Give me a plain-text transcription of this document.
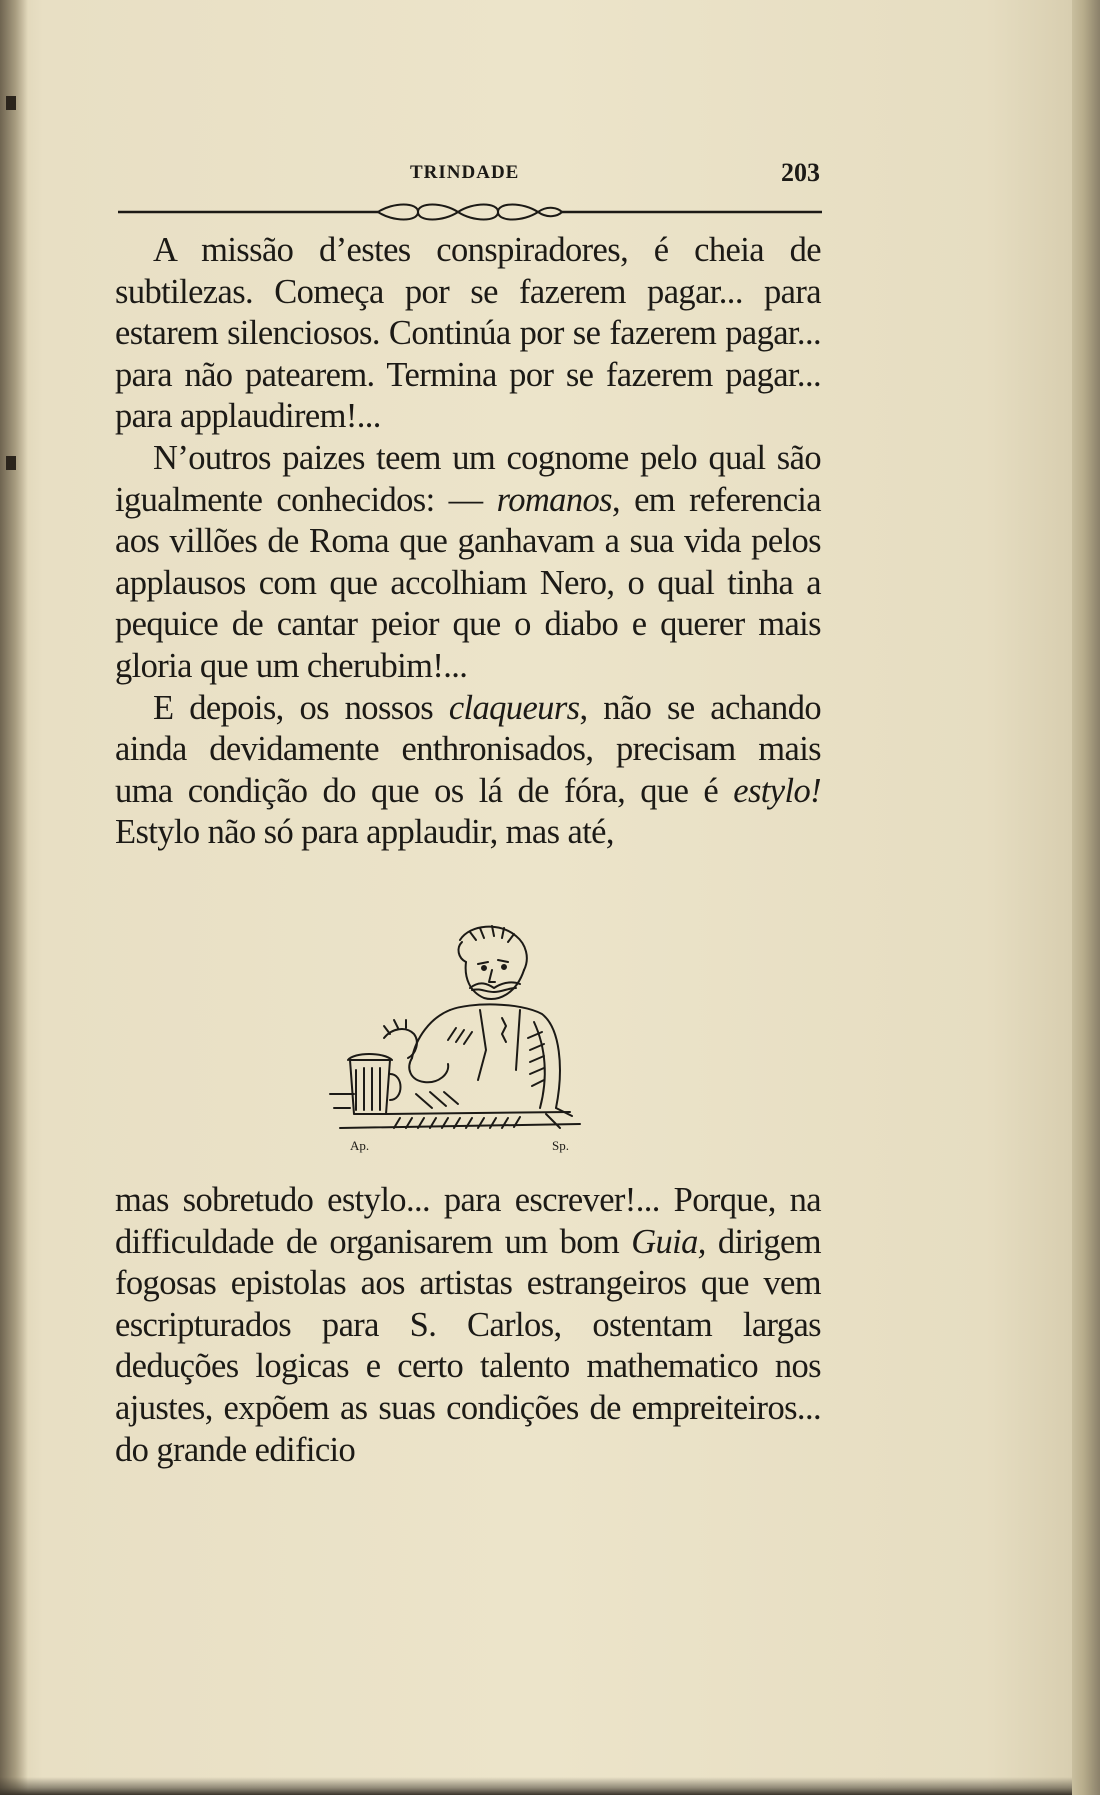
TRINDADE	203

A missão d’estes conspiradores, é cheia de subtilezas. Começa por se fazerem pagar... para estarem silenciosos. Continúa por se fazerem pagar... para não patearem. Termina por se fazerem pagar... para applaudirem!...

N’outros paizes teem um cognome pelo qual são igualmente conhecidos: — romanos, em referencia aos villões de Roma que ganhavam a sua vida pelos applausos com que accolhiam Nero, o qual tinha a pequice de cantar peior que o diabo e querer mais gloria que um cherubim!...

E depois, os nossos claqueurs, não se achando ainda devidamente enthronisados, precisam mais uma condição do que os lá de fóra, que é estylo! Estylo não só para applaudir, mas até,

Ap.	Sp.

mas sobretudo estylo... para escrever!... Porque, na difficuldade de organisarem um bom Guia, dirigem fogosas epistolas aos artistas estrangeiros que vem escripturados para S. Carlos, ostentam largas deduções logicas e certo talento mathematico nos ajustes, expõem as suas condições de empreiteiros... do grande edificio
